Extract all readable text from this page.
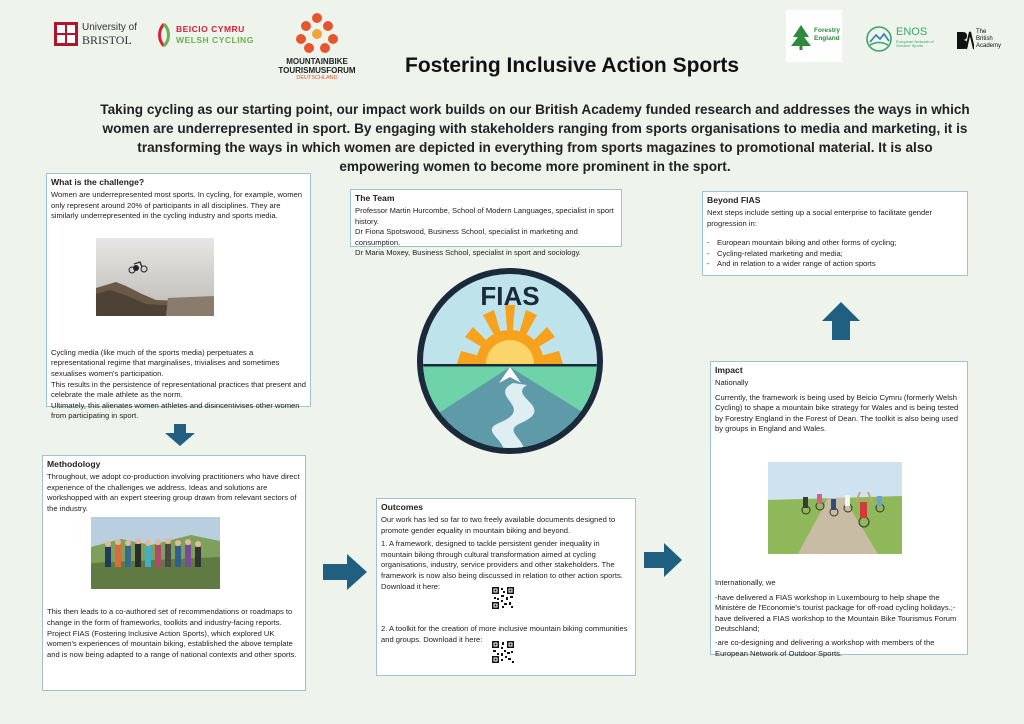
University of
BRISTOL
BEICIO CYMRU
WELSH CYCLING
MOUNTAINBIKE
TOURISMUSFORUM
DEUTSCHLAND
Forestry
England
ENOS
European Network of Outdoor Sports
The
British
Academy
Fostering Inclusive Action Sports
Taking cycling as our starting point, our impact work builds on our British Academy funded research and addresses the ways in which women are underrepresented in sport. By engaging with stakeholders ranging from sports organisations to media and marketing, it is transforming the ways in which women are depicted in everything from sports magazines to promotional material. It is also empowering women to become more prominent in the sport.
What is the challenge?

Women are underrepresented most sports. In cycling, for example, women only represent around 20% of participants in all disciplines. They are similarly underrepresented in the cycling industry and sports media.

Cycling media (like much of the sports media) perpetuates a representational regime that marginalises, trivialises and sometimes sexualises women's participation.

This results in the persistence of representational practices that present and celebrate the male athlete as the norm.

Ultimately, this alienates women athletes and disincentivises other women from participating in sport.

Methodology

Throughout, we adopt co-production involving practitioners who have direct experience of the challenges we address. Ideas and solutions are workshopped with an expert steering group drawn from relevant sectors of the industry.

This then leads to a co-authored set of recommendations or roadmaps to change in the form of frameworks, toolkits and industry-facing reports. Project FIAS (Fostering Inclusive Action Sports), which explored UK women's experiences of mountain biking, established the above template and is now being adapted to a range of national contexts and other sports.

The Team

Professor Martin Hurcombe, School of Modern Languages, specialist in sport history.

Dr Fiona Spotswood, Business School, specialist in marketing and consumption.

Dr Maria Moxey, Business School, specialist in sport and sociology.

FIAS
Outcomes

Our work has led so far to two freely available documents designed to promote gender equality in mountain biking and beyond.

1. A framework, designed to tackle persistent gender inequality in mountain biking through cultural transformation aimed at cycling organisations, industry, service providers and other stakeholders. The framework is now also being discussed in relation to other action sports. Download it here:

2. A toolkit for the creation of more inclusive mountain biking communities and groups. Download it here:

Beyond FIAS

Next steps include setting up a social enterprise to facilitate gender progression in:

- European mountain biking and other forms of cycling;
- Cycling-related marketing and media;
- And in relation to a wider range of action sports
Impact

Nationally

Currently, the framework is being used by Beicio Cymru (formerly Welsh Cycling) to shape a mountain bike strategy for Wales and is being tested by Forestry England in the Forest of Dean. The toolkit is also being used by groups in England and Wales.

Internationally, we

-have delivered a FIAS workshop in Luxembourg to help shape the Ministère de l'Economie's tourist package for off-road cycling holidays.;-have delivered a FIAS workshop to the Mountain Bike Tourismus Forum Deutschland;

-are co-designing and delivering a workshop with members of the European Network of Outdoor Sports.
